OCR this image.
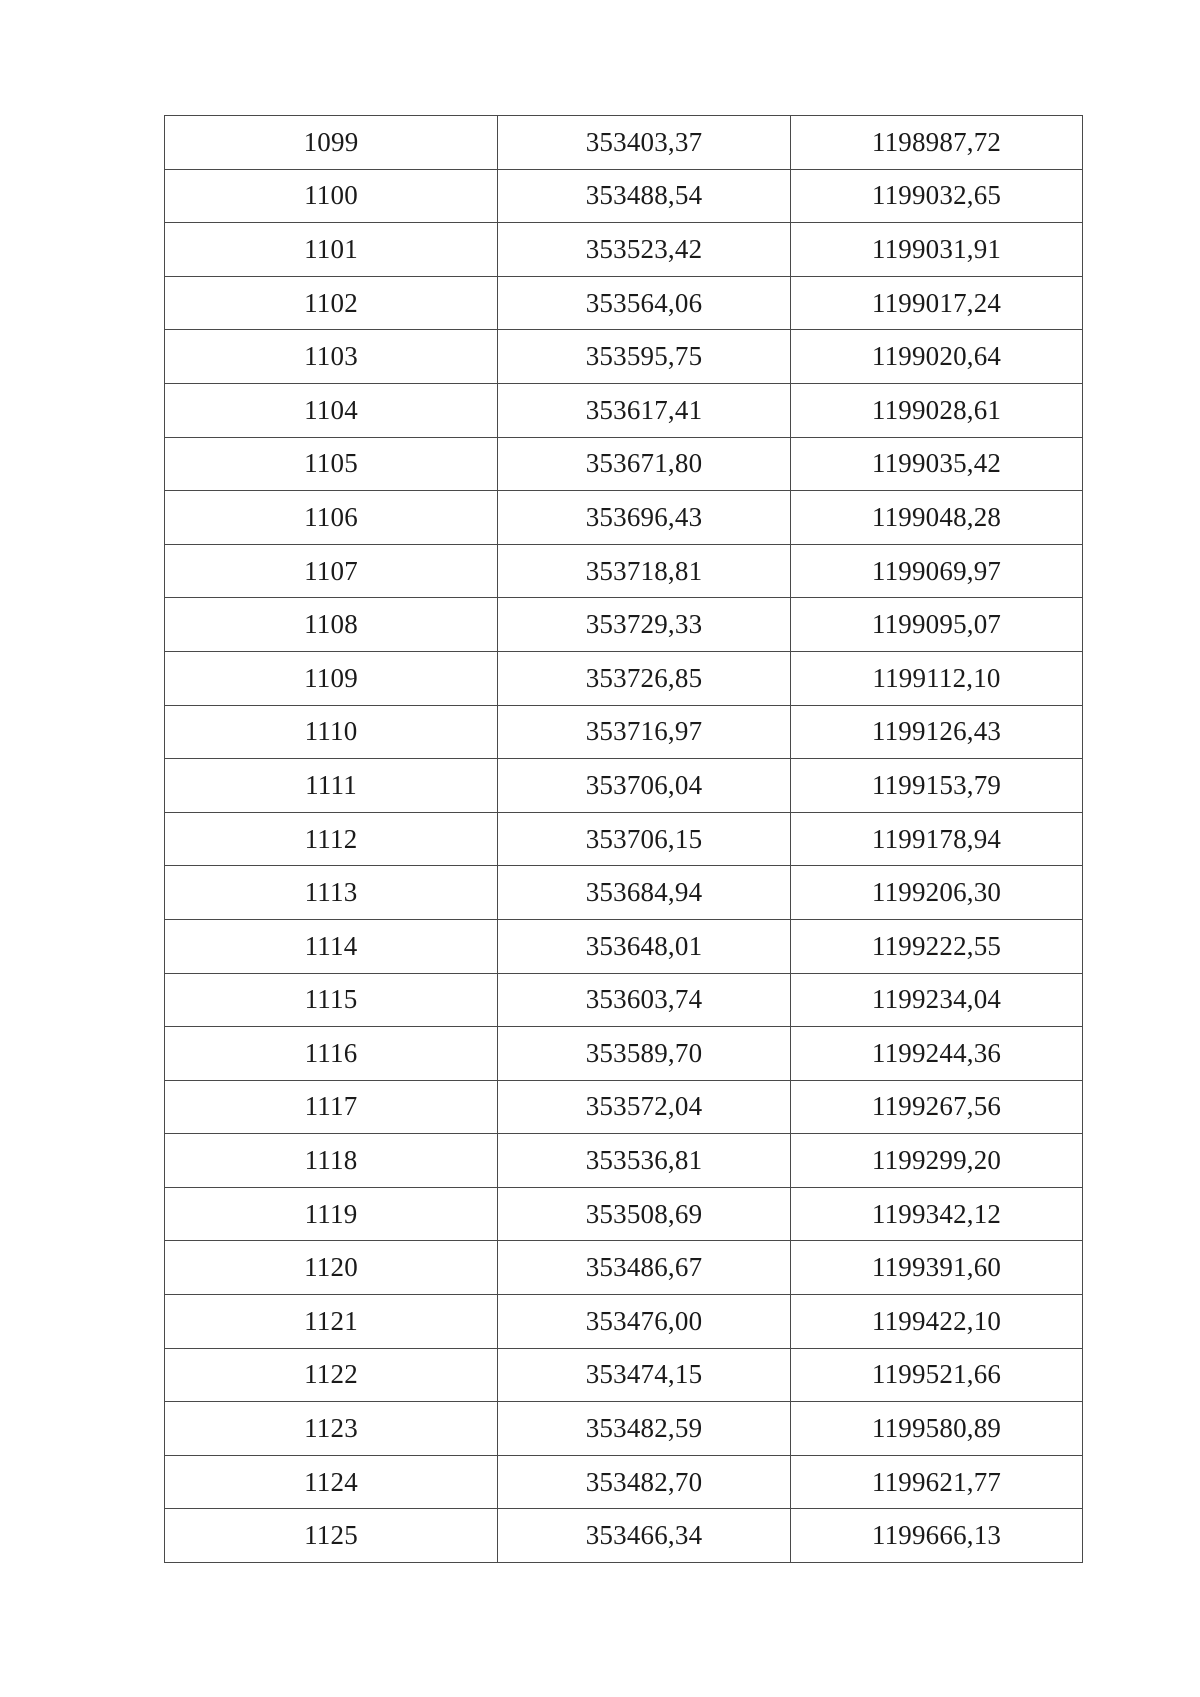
1099	353403,37	1198987,72
1100	353488,54	1199032,65
1101	353523,42	1199031,91
1102	353564,06	1199017,24
1103	353595,75	1199020,64
1104	353617,41	1199028,61
1105	353671,80	1199035,42
1106	353696,43	1199048,28
1107	353718,81	1199069,97
1108	353729,33	1199095,07
1109	353726,85	1199112,10
1110	353716,97	1199126,43
1111	353706,04	1199153,79
1112	353706,15	1199178,94
1113	353684,94	1199206,30
1114	353648,01	1199222,55
1115	353603,74	1199234,04
1116	353589,70	1199244,36
1117	353572,04	1199267,56
1118	353536,81	1199299,20
1119	353508,69	1199342,12
1120	353486,67	1199391,60
1121	353476,00	1199422,10
1122	353474,15	1199521,66
1123	353482,59	1199580,89
1124	353482,70	1199621,77
1125	353466,34	1199666,13
